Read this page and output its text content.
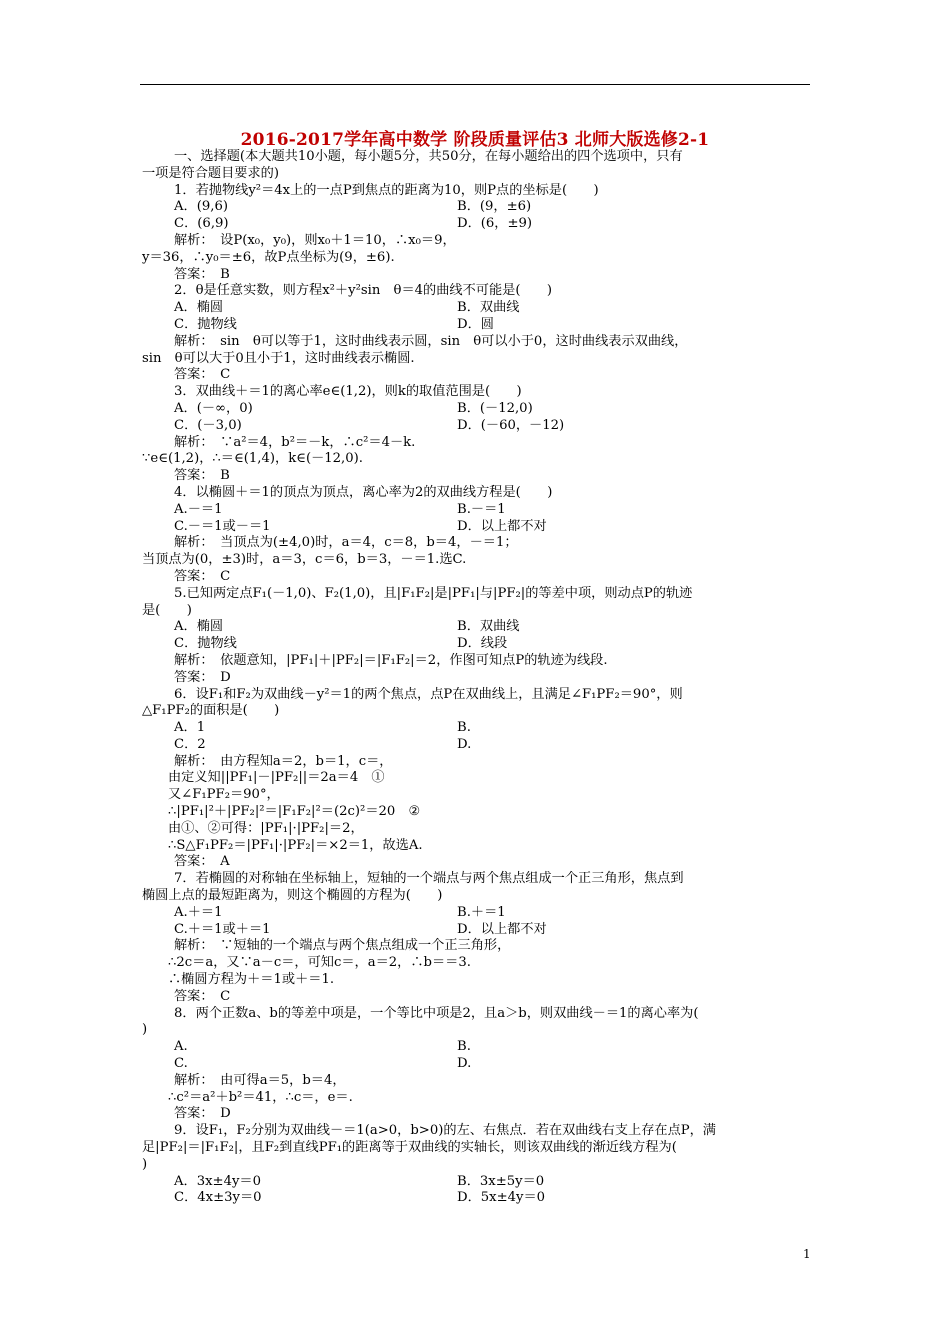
2016-2017学年高中数学 阶段质量评估3 北师大版选修2-1
一、选择题(本大题共10小题，每小题5分，共50分，在每小题给出的四个选项中，只有
一项是符合题目要求的)
1．若抛物线y²＝4x上的一点P到焦点的距离为10，则P点的坐标是(　　)
A．(9,6)	B．(9，±6)
C．(6,9)	D．(6，±9)
解析：　设P(x₀，y₀)，则x₀＋1＝10，∴x₀＝9，
y＝36，∴y₀＝±6，故P点坐标为(9，±6).
答案：　B
2．θ是任意实数，则方程x²＋y²sin　θ＝4的曲线不可能是(　　)
A．椭圆	B．双曲线
C．抛物线	D．圆
解析：　sin　θ可以等于1，这时曲线表示圆，sin　θ可以小于0，这时曲线表示双曲线，
sin　θ可以大于0且小于1，这时曲线表示椭圆.
答案：　C
3．双曲线＋＝1的离心率e∈(1,2)，则k的取值范围是(　　)
A．(－∞，0)	B．(－12,0)
C．(－3,0)	D．(－60，－12)
解析：　∵a²＝4，b²＝－k，∴c²＝4－k.
∵e∈(1,2)，∴＝∈(1,4)，k∈(－12,0).
答案：　B
4．以椭圆＋＝1的顶点为顶点，离心率为2的双曲线方程是(　　)
A.－＝1	B.－＝1
C.－＝1或－＝1	D．以上都不对
解析：　当顶点为(±4,0)时，a＝4，c＝8，b＝4，－＝1；
当顶点为(0，±3)时，a＝3，c＝6，b＝3，－＝1.选C.
答案：　C
5.已知两定点F₁(－1,0)、F₂(1,0)，且|F₁F₂|是|PF₁|与|PF₂|的等差中项，则动点P的轨迹
是(　　)
A．椭圆	B．双曲线
C．抛物线	D．线段
解析：　依题意知，|PF₁|＋|PF₂|＝|F₁F₂|＝2，作图可知点P的轨迹为线段.
答案：　D
6．设F₁和F₂为双曲线－y²＝1的两个焦点，点P在双曲线上，且满足∠F₁PF₂＝90°，则
△F₁PF₂的面积是(　　)
A．1	B.
C．2	D.
解析：　由方程知a＝2，b＝1，c＝，
由定义知||PF₁|－|PF₂||＝2a＝4　①
又∠F₁PF₂＝90°，
∴|PF₁|²＋|PF₂|²＝|F₁F₂|²＝(2c)²＝20　②
由①、②可得：|PF₁|·|PF₂|＝2，
∴S△F₁PF₂＝|PF₁|·|PF₂|＝×2＝1，故选A.
答案：　A
7．若椭圆的对称轴在坐标轴上，短轴的一个端点与两个焦点组成一个正三角形，焦点到
椭圆上点的最短距离为，则这个椭圆的方程为(　　)
A.＋＝1	B.＋＝1
C.＋＝1或＋＝1	D．以上都不对
解析：　∵短轴的一个端点与两个焦点组成一个正三角形，
∴2c＝a，又∵a－c＝，可知c＝，a＝2，∴b＝＝3.
∴椭圆方程为＋＝1或＋＝1.
答案：　C
8．两个正数a、b的等差中项是，一个等比中项是2，且a＞b，则双曲线－＝1的离心率为(
)
A.	B.
C.	D.
解析：　由可得a＝5，b＝4，
∴c²＝a²＋b²＝41，∴c＝，e＝.
答案：　D
9．设F₁，F₂分别为双曲线－＝1(a>0，b>0)的左、右焦点．若在双曲线右支上存在点P，满
足|PF₂|＝|F₁F₂|，且F₂到直线PF₁的距离等于双曲线的实轴长，则该双曲线的渐近线方程为(
)
A．3x±4y＝0	B．3x±5y＝0
C．4x±3y＝0	D．5x±4y＝0
1
